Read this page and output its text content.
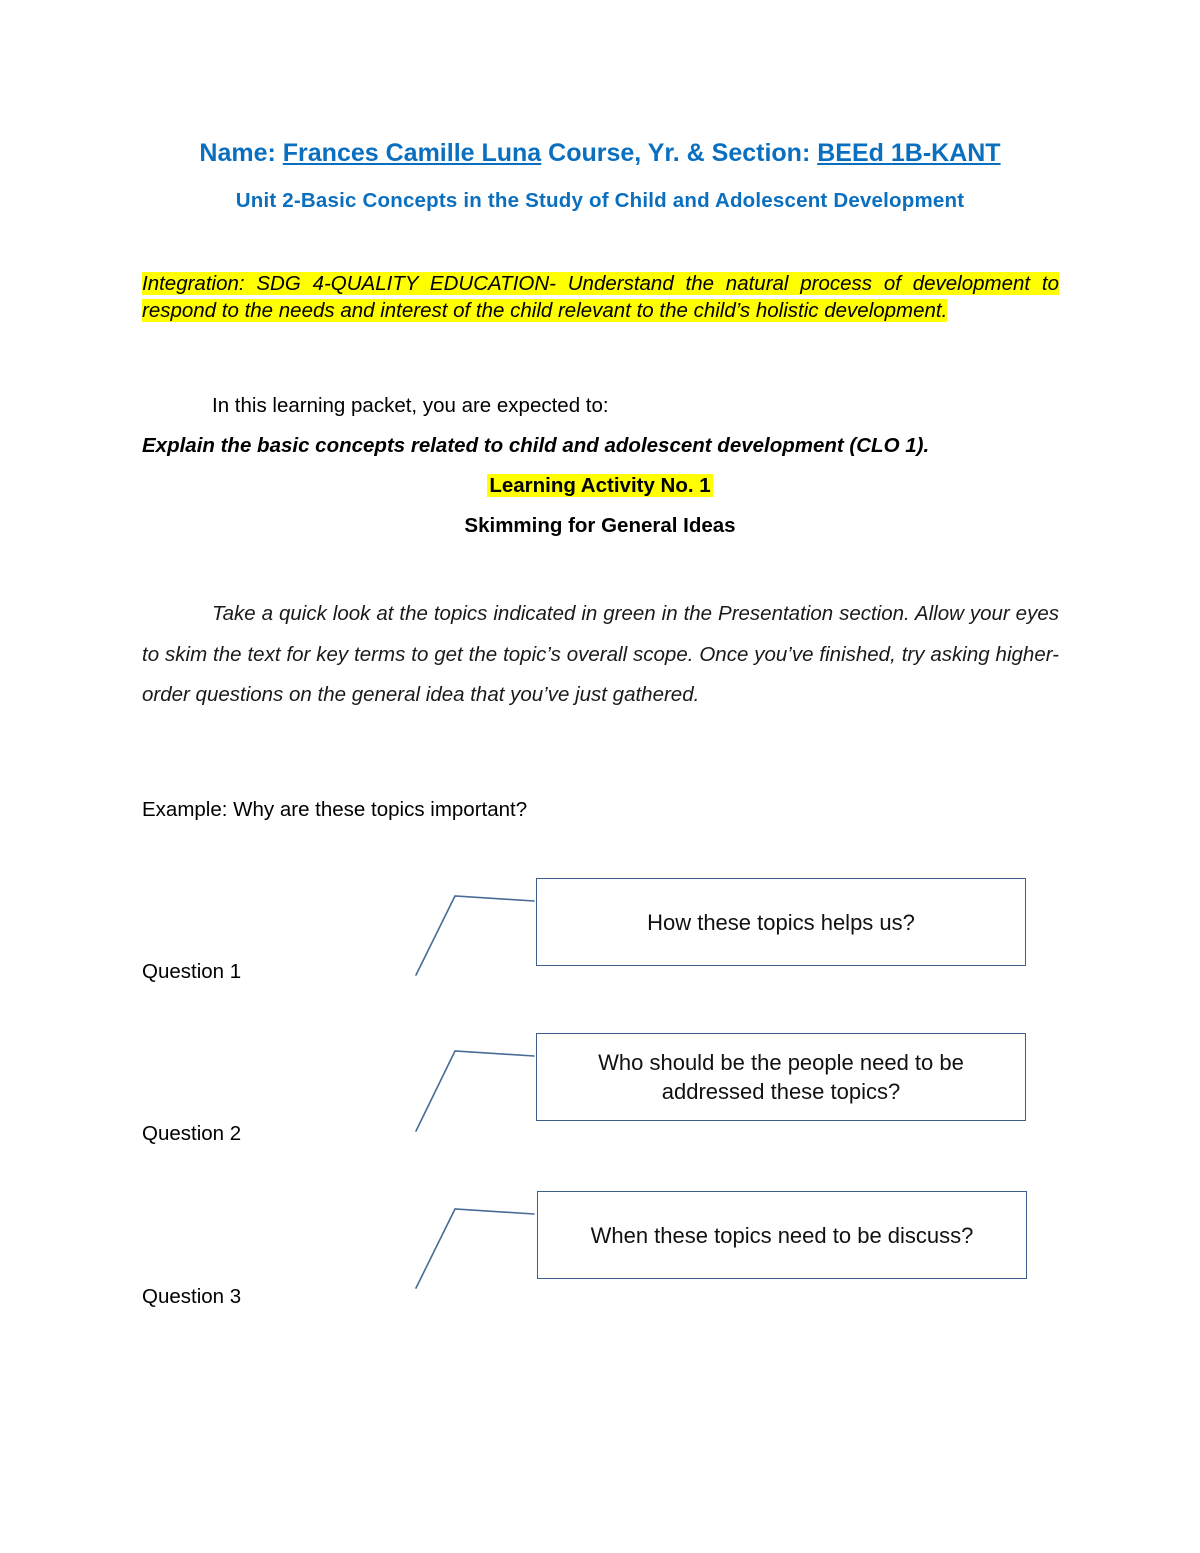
Name: Frances Camille Luna Course, Yr. & Section: BEEd 1B-KANT
Unit 2-Basic Concepts in the Study of Child and Adolescent Development
Integration: SDG 4-QUALITY EDUCATION- Understand the natural process of development to respond to the needs and interest of the child relevant to the child’s holistic development.
In this learning packet, you are expected to:
Explain the basic concepts related to child and adolescent development (CLO 1).
Learning Activity No. 1
Skimming for General Ideas
Take a quick look at the topics indicated in green in the Presentation section. Allow your eyes to skim the text for key terms to get the topic’s overall scope. Once you’ve finished, try asking higher-order questions on the general idea that you’ve just gathered.
Example: Why are these topics important?
Question 1
How these topics helps us?
Question 2
Who should be the people need to be addressed these topics?
Question 3
When these topics need to be discuss?
